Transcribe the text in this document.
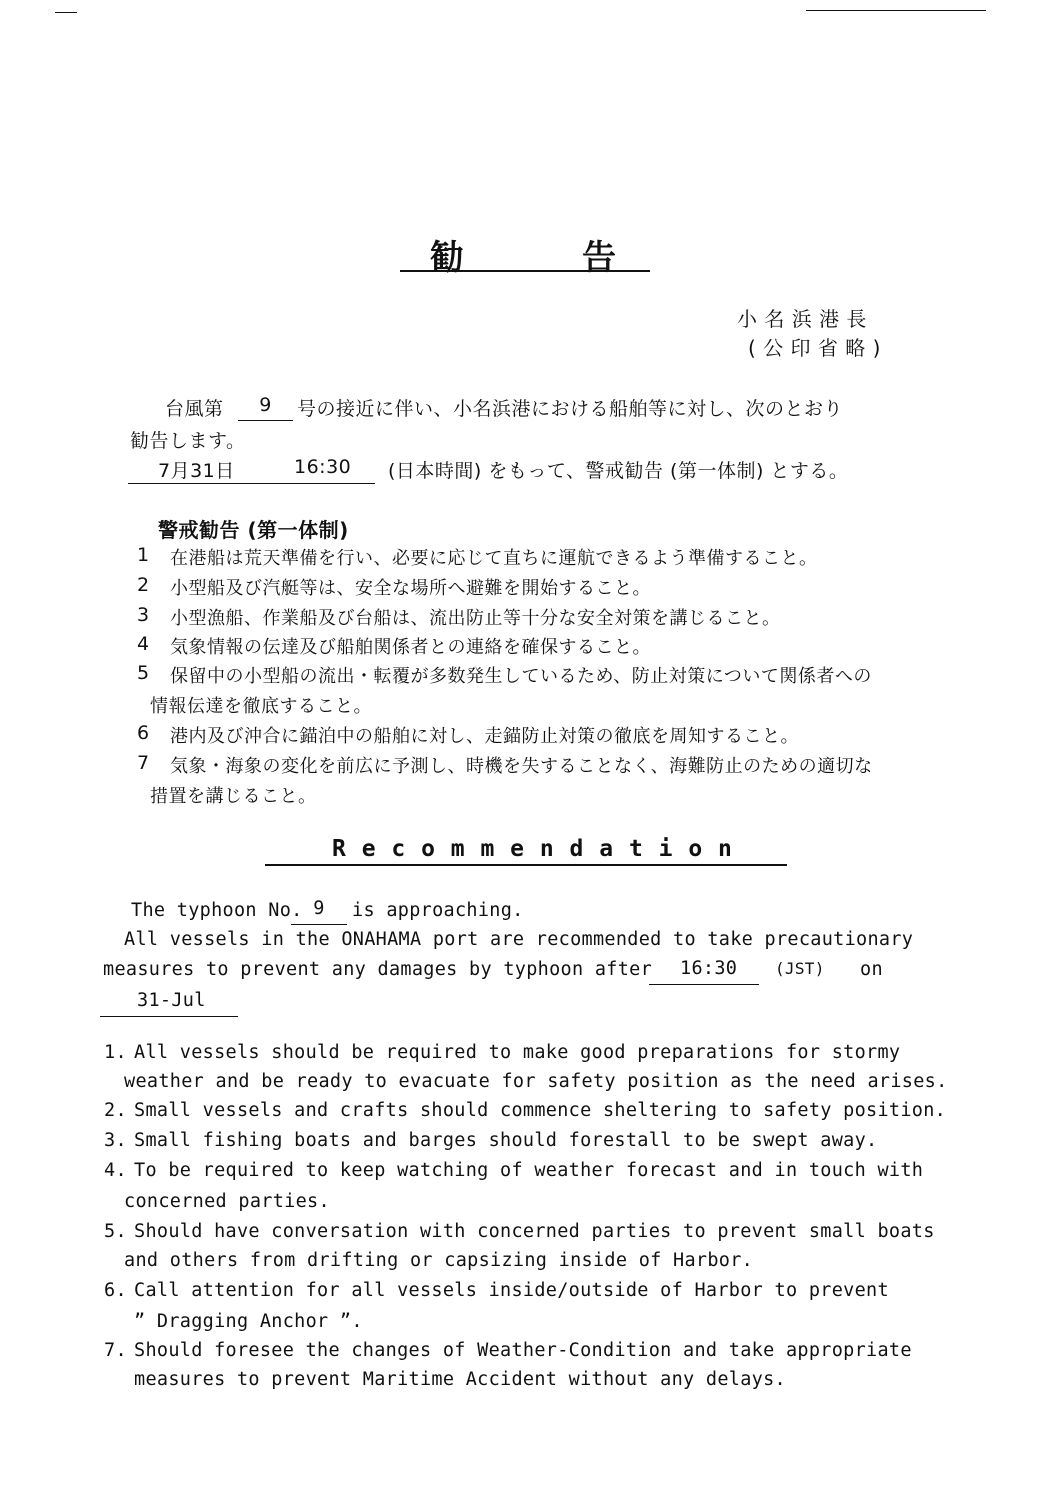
勧　　　告
小 名 浜 港 長
( 公 印 省 略 )
台風第	9	号の接近に伴い、小名浜港における船舶等に対し、次のとおり
勧告します。
7月31日	16:30 (日本時間) をもって、警戒勧告 (第一体制) とする。
警戒勧告 (第一体制)
1 在港船は荒天準備を行い、必要に応じて直ちに運航できるよう準備すること。
2 小型船及び汽艇等は、安全な場所へ避難を開始すること。
3 小型漁船、作業船及び台船は、流出防止等十分な安全対策を講じること。
4 気象情報の伝達及び船舶関係者との連絡を確保すること。
5 保留中の小型船の流出・転覆が多数発生しているため、防止対策について関係者への
情報伝達を徹底すること。
6 港内及び沖合に錨泊中の船舶に対し、走錨防止対策の徹底を周知すること。
7 気象・海象の変化を前広に予測し、時機を失することなく、海難防止のための適切な
措置を講じること。
R e c o m m e n d a t i o n
The typhoon No. 9	is approaching.
All vessels in the ONAHAMA port are recommended to take precautionary
measures to prevent any damages by typhoon after 16:30 (JST) on
31-Jul
1. All vessels should be required to make good preparations for stormy
weather and be ready to evacuate for safety position as the need arises.
2. Small vessels and crafts should commence sheltering to safety position.
3. Small fishing boats and barges should forestall to be swept away.
4. To be required to keep watching of weather forecast and in touch with
concerned parties.
5. Should have conversation with concerned parties to prevent small boats
and others from drifting or capsizing inside of Harbor.
6. Call attention for all vessels inside/outside of Harbor to prevent
” Dragging Anchor ”.
7. Should foresee the changes of Weather-Condition and take appropriate
measures to prevent Maritime Accident without any delays.
